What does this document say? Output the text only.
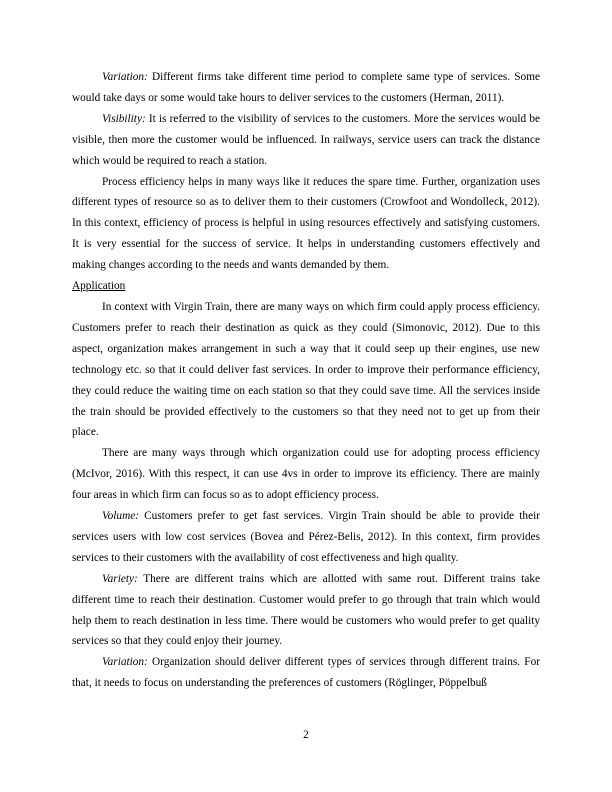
Variation: Different firms take different time period to complete same type of services. Some would take days or some would take hours to deliver services to the customers (Herman, 2011).

Visibility: It is referred to the visibility of services to the customers. More the services would be visible, then more the customer would be influenced. In railways, service users can track the distance which would be required to reach a station.

Process efficiency helps in many ways like it reduces the spare time. Further, organization uses different types of resource so as to deliver them to their customers (Crowfoot and Wondolleck, 2012). In this context, efficiency of process is helpful in using resources effectively and satisfying customers. It is very essential for the success of service. It helps in understanding customers effectively and making changes according to the needs and wants demanded by them.

Application

In context with Virgin Train, there are many ways on which firm could apply process efficiency. Customers prefer to reach their destination as quick as they could (Simonovic, 2012). Due to this aspect, organization makes arrangement in such a way that it could seep up their engines, use new technology etc. so that it could deliver fast services. In order to improve their performance efficiency, they could reduce the waiting time on each station so that they could save time. All the services inside the train should be provided effectively to the customers so that they need not to get up from their place.

There are many ways through which organization could use for adopting process efficiency (McIvor, 2016). With this respect, it can use 4vs in order to improve its efficiency. There are mainly four areas in which firm can focus so as to adopt efficiency process.

Volume: Customers prefer to get fast services. Virgin Train should be able to provide their services users with low cost services (Bovea and Pérez-Belis, 2012). In this context, firm provides services to their customers with the availability of cost effectiveness and high quality.

Variety: There are different trains which are allotted with same rout. Different trains take different time to reach their destination. Customer would prefer to go through that train which would help them to reach destination in less time. There would be customers who would prefer to get quality services so that they could enjoy their journey.

Variation: Organization should deliver different types of services through different trains. For that, it needs to focus on understanding the preferences of customers (Röglinger, Pöppelbuß

2
